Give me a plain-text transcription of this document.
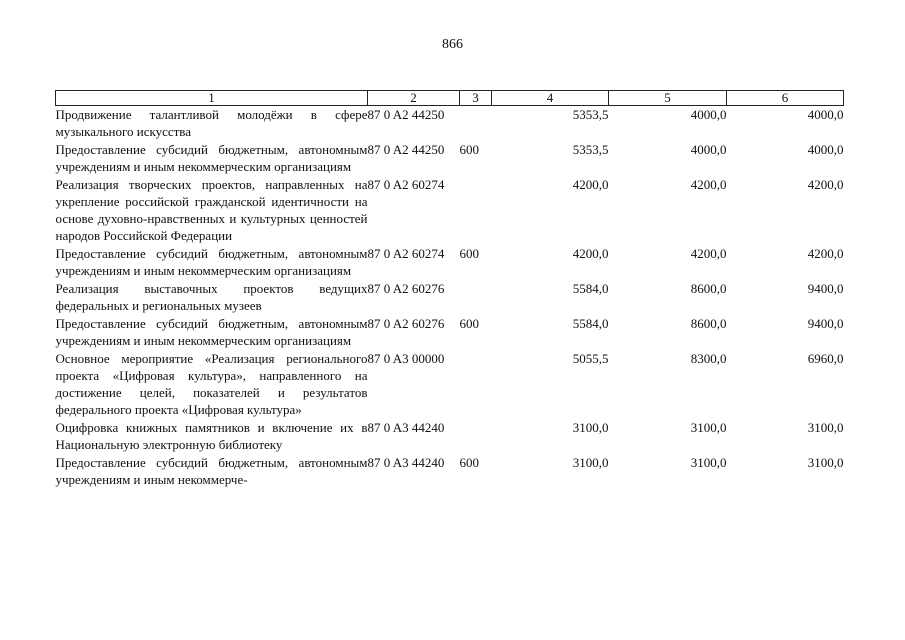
866
1	2	3	4	5	6
Продвижение талантливой молодёжи в сфере музыкального искусства	87 0 A2 44250		5353,5	4000,0	4000,0
Предоставление субсидий бюджетным, автономным учреждениям и иным некоммерческим организациям	87 0 A2 44250	600	5353,5	4000,0	4000,0
Реализация творческих проектов, направленных на укрепление российской гражданской идентичности на основе духовно-нравственных и культурных ценностей народов Российской Федерации	87 0 A2 60274		4200,0	4200,0	4200,0
Предоставление субсидий бюджетным, автономным учреждениям и иным некоммерческим организациям	87 0 A2 60274	600	4200,0	4200,0	4200,0
Реализация выставочных проектов ведущих федеральных и региональных музеев	87 0 A2 60276		5584,0	8600,0	9400,0
Предоставление субсидий бюджетным, автономным учреждениям и иным некоммерческим организациям	87 0 A2 60276	600	5584,0	8600,0	9400,0
Основное мероприятие «Реализация регионального проекта «Цифровая культура», направленного на достижение целей, показателей и результатов федерального проекта «Цифровая культура»	87 0 A3 00000		5055,5	8300,0	6960,0
Оцифровка книжных памятников и включение их в Национальную электронную библиотеку	87 0 A3 44240		3100,0	3100,0	3100,0
Предоставление субсидий бюджетным, автономным учреждениям и иным некоммерче-	87 0 A3 44240	600	3100,0	3100,0	3100,0
